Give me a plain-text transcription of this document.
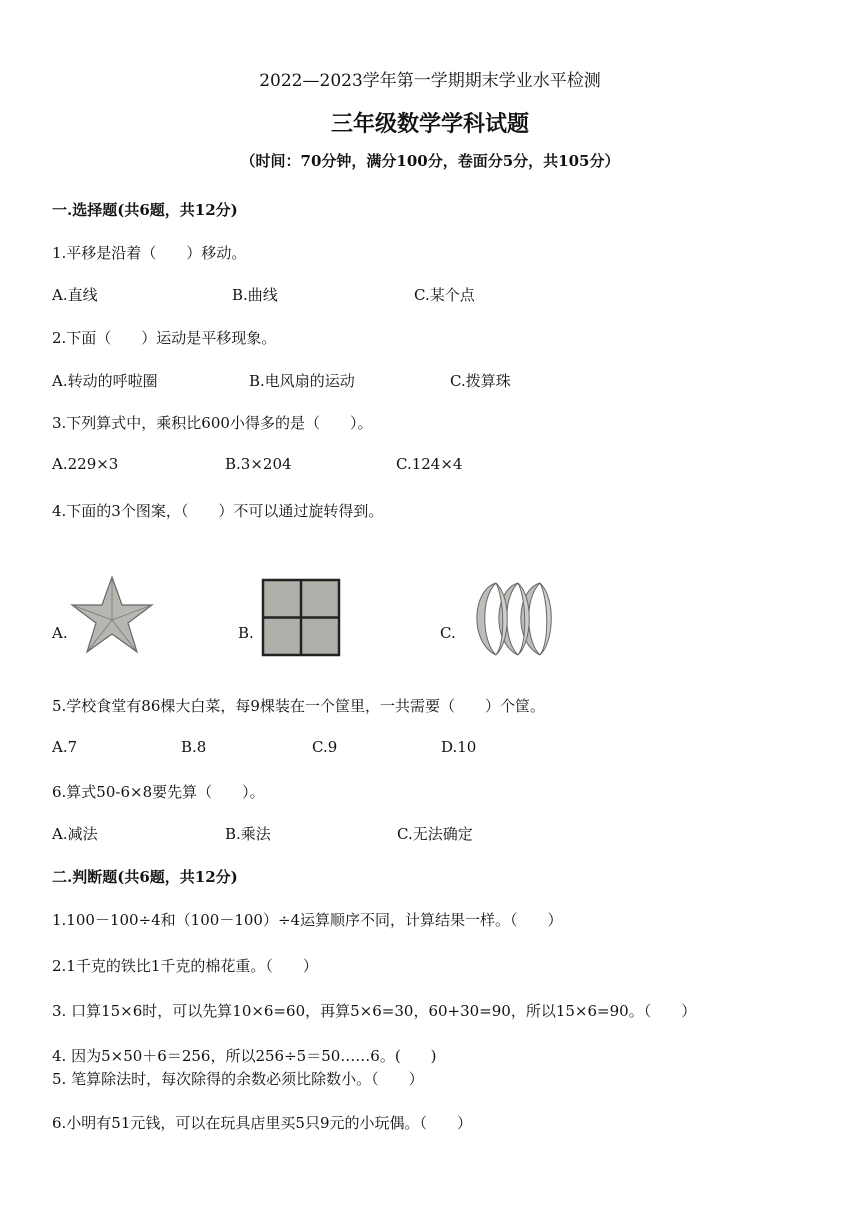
2022—2023学年第一学期期末学业水平检测
三年级数学学科试题
（时间：70分钟，满分100分，卷面分5分，共105分）
一.选择题(共6题，共12分)
1.平移是沿着（　　）移动。
A.直线	B.曲线	C.某个点
2.下面（　　）运动是平移现象。
A.转动的呼啦圈	B.电风扇的运动	C.拨算珠
3.下列算式中，乘积比600小得多的是（　　）。
A.229×3	B.3×204	C.124×4
4.下面的3个图案，（　　）不可以通过旋转得到。
A.	B.	C.
5.学校食堂有86棵大白菜，每9棵装在一个筐里，一共需要（　　）个筐。
A.7	B.8	C.9	D.10
6.算式50-6×8要先算（　　）。
A.减法	B.乘法	C.无法确定
二.判断题(共6题，共12分)
1.100－100÷4和（100－100）÷4运算顺序不同，计算结果一样。（　　）
2.1千克的铁比1千克的棉花重。（　　）
3. 口算15×6时，可以先算10×6=60，再算5×6=30，60+30=90，所以15×6=90。（　　）
4. 因为5×50＋6＝256，所以256÷5＝50……6。(　　)
5. 笔算除法时，每次除得的余数必须比除数小。（　　）
6.小明有51元钱，可以在玩具店里买5只9元的小玩偶。（　　）
